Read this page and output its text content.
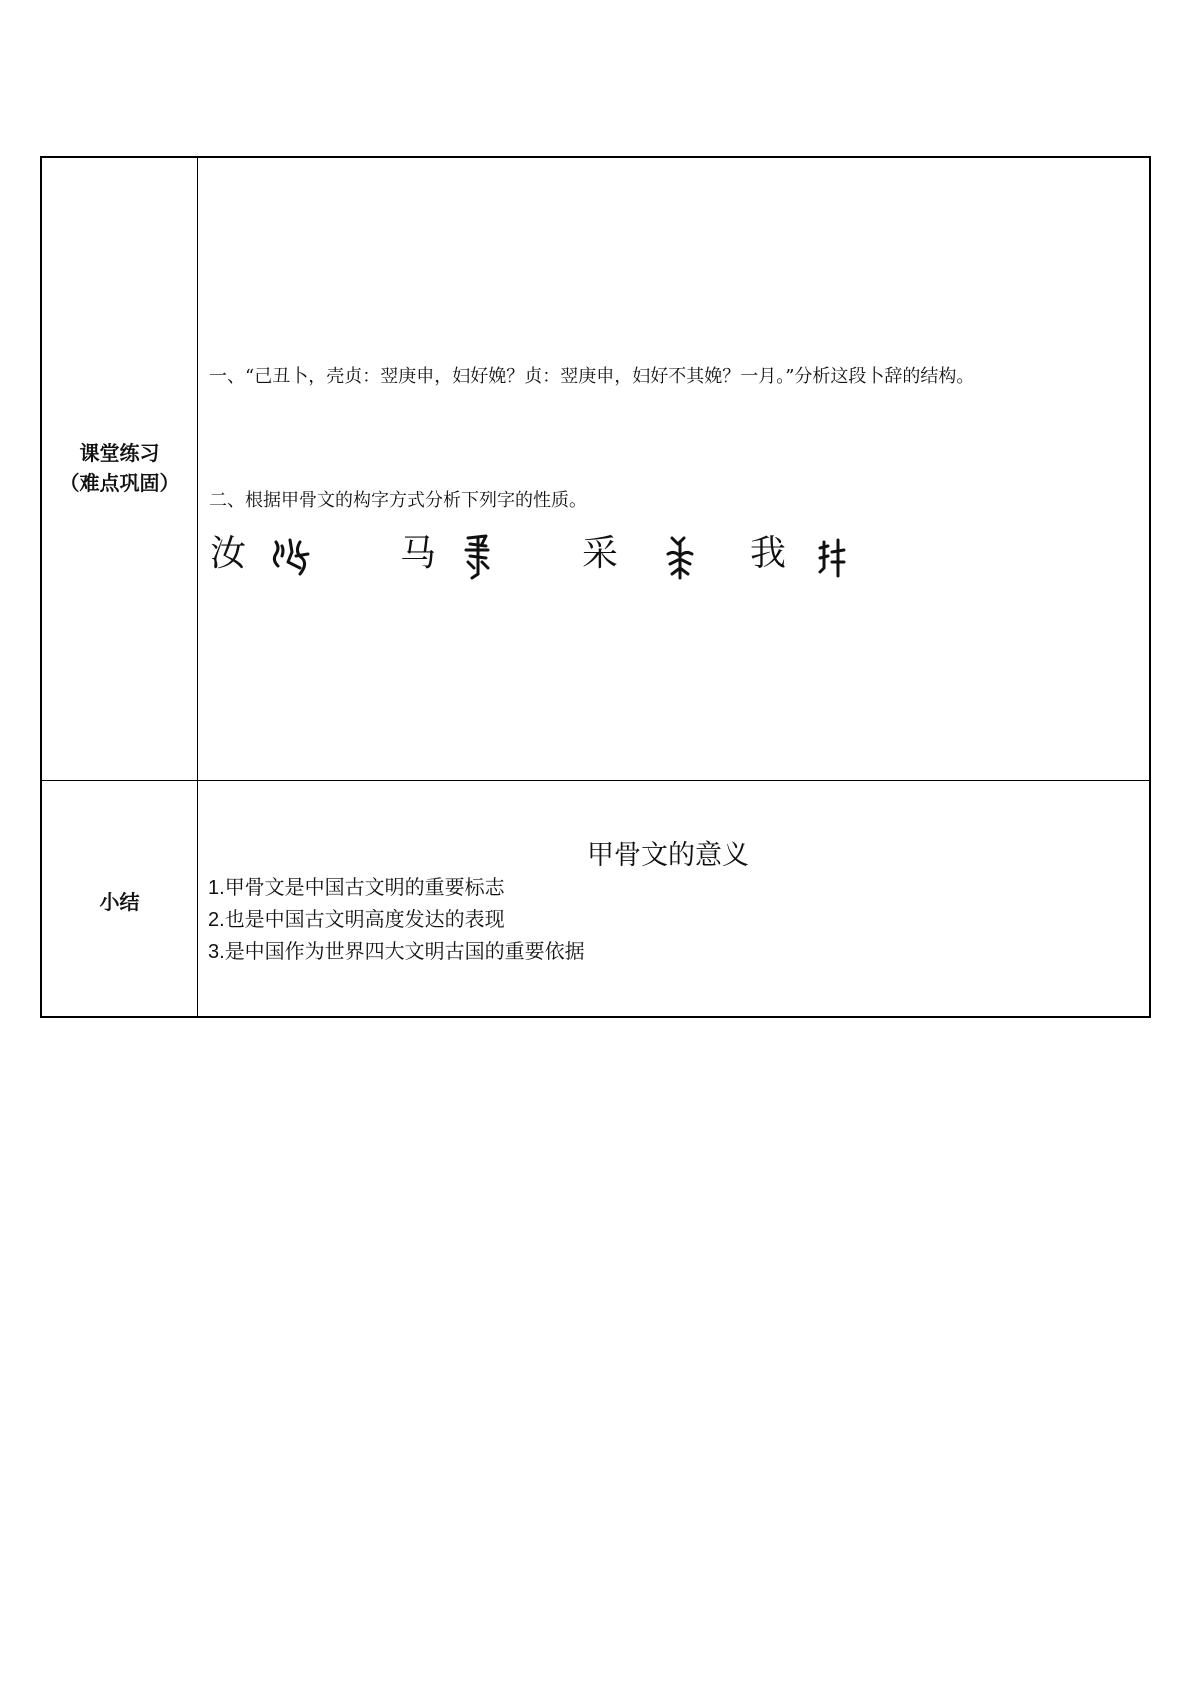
课堂练习
（难点巩固）
一、“己丑卜，壳贞：翌庚申，妇好娩？贞：翌庚申，妇好不其娩？一月。”分析这段卜辞的结构。
二、根据甲骨文的构字方式分析下列字的性质。
汝	马	采	我
小结
甲骨文的意义
1.甲骨文是中国古文明的重要标志
2.也是中国古文明高度发达的表现
3.是中国作为世界四大文明古国的重要依据
